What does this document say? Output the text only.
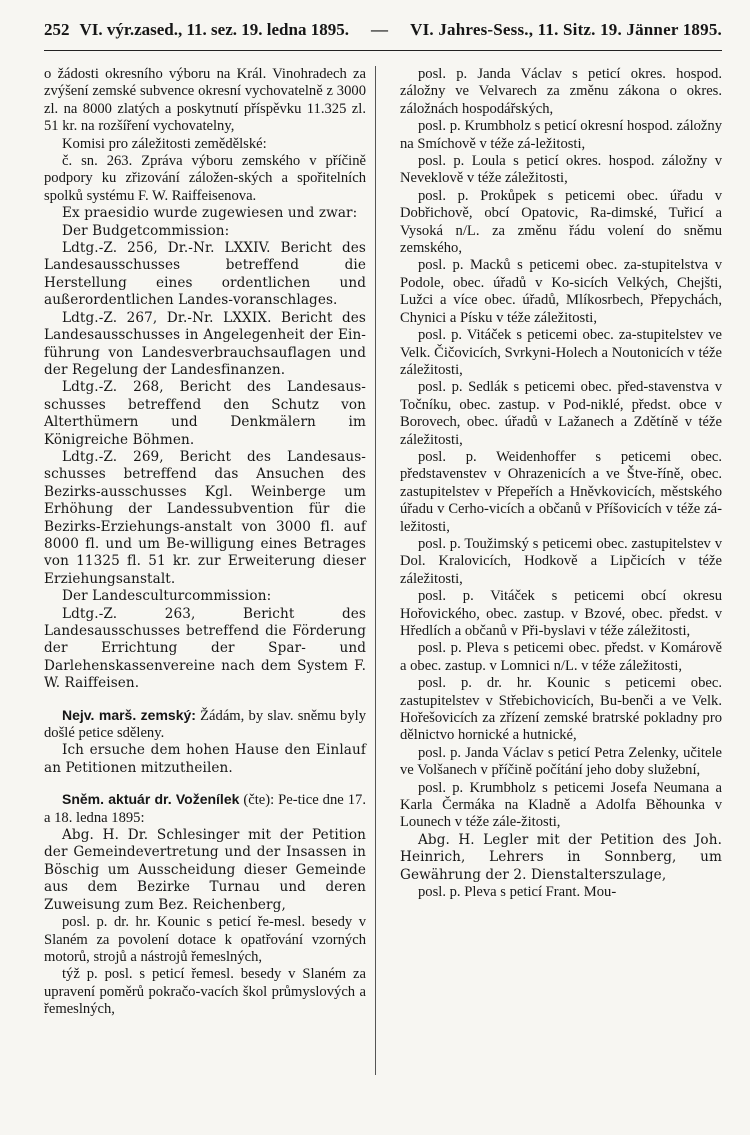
252 VI. výr.zased., 11. sez. 19. ledna 1895. — VI. Jahres-Sess., 11. Sitz. 19. Jänner 1895.

o žádosti okresního výboru na Král. Vinohradech za zvýšení zemské subvence okresní vychovatelně z 3000 zl. na 8000 zlatých a poskytnutí příspěvku 11.325 zl. 51 kr. na rozšíření vychovatelny,

Komisi pro záležitosti zemědělské:

č. sn. 263. Zpráva výboru zemského v příčině podpory ku zřizování záložen-ských a spořitelních spolků systému F. W. Raiffeisenova.

Ex praesidio wurde zugewiesen und zwar:

Der Budgetcommission:

Ldtg.-Z. 256, Dr.-Nr. LXXIV. Bericht des Landesausschusses betreffend die Herstellung eines ordentlichen und außerordentlichen Landes-voranschlages.

Ldtg.-Z. 267, Dr.-Nr. LXXIX. Bericht des Landesausschusses in Angelegenheit der Ein-führung von Landesverbrauchsauflagen und der Regelung der Landesfinanzen.

Ldtg.-Z. 268, Bericht des Landesaus-schusses betreffend den Schutz von Alterthümern und Denkmälern im Königreiche Böhmen.

Ldtg.-Z. 269, Bericht des Landesaus-schusses betreffend das Ansuchen des Bezirks-ausschusses Kgl. Weinberge um Erhöhung der Landessubvention für die Bezirks-Erziehungs-anstalt von 3000 fl. auf 8000 fl. und um Be-willigung eines Betrages von 11325 fl. 51 kr. zur Erweiterung dieser Erziehungsanstalt.

Der Landesculturcommission:

Ldtg.-Z. 263, Bericht des Landesausschusses betreffend die Förderung der Errichtung der Spar- und Darlehenskassenvereine nach dem System F. W. Raiffeisen.

Nejv. marš. zemský: Žádám, by slav. sněmu byly došlé petice sděleny.

Ich ersuche dem hohen Hause den Einlauf an Petitionen mitzutheilen.

Sněm. aktuár dr. Voženílek (čte): Pe-tice dne 17. a 18. ledna 1895:

Abg. H. Dr. Schlesinger mit der Petition der Gemeindevertretung und der Insassen in Böschig um Ausscheidung dieser Gemeinde aus dem Bezirke Turnau und deren Zuweisung zum Bez. Reichenberg,

posl. p. dr. hr. Kounic s peticí ře-mesl. besedy v Slaném za povolení dotace k opatřování vzorných motorů, strojů a nástrojů řemeslných,

týž p. posl. s peticí řemesl. besedy v Slaném za upravení poměrů pokračo-vacích škol průmyslových a řemeslných,

posl. p. Janda Václav s peticí okres. hospod. záložny ve Velvarech za změnu zákona o okres. záložnách hospodářských,

posl. p. Krumbholz s peticí okresní hospod. záložny na Smíchově v téže zá-ležitosti,

posl. p. Loula s peticí okres. hospod. záložny v Neveklově v téže záležitosti,

posl. p. Prokůpek s peticemi obec. úřadu v Dobřichově, obcí Opatovic, Ra-dimské, Tuřicí a Vysoká n/L. za změnu řádu volení do sněmu zemského,

posl. p. Macků s peticemi obec. za-stupitelstva v Podole, obec. úřadů v Ko-sicích Velkých, Chejšti, Lužci a více obec. úřadů, Mlíkosrbech, Přepychách, Chynici a Písku v téže záležitosti,

posl. p. Vitáček s peticemi obec. za-stupitelstev ve Velk. Čičovicích, Svrkyni-Holech a Noutonicích v téže záležitosti,

posl. p. Sedlák s peticemi obec. před-stavenstva v Točníku, obec. zastup. v Pod-niklé, předst. obce v Borovech, obec. úřadů v Lažanech a Zdětíně v téže záležitosti,

posl. p. Weidenhoffer s peticemi obec. představenstev v Ohrazenicích a ve Štve-říně, obec. zastupitelstev v Přepeřích a Hněvkovicích, městského úřadu v Cerho-vicích a občanů v Příšovicích v téže zá-ležitosti,

posl. p. Toužimský s peticemi obec. zastupitelstev v Dol. Kralovicích, Hodkově a Lipčicích v téže záležitosti,

posl. p. Vitáček s peticemi obcí okresu Hořovického, obec. zastup. v Bzové, obec. předst. v Hředlích a občanů v Při-byslavi v téže záležitosti,

posl. p. Pleva s peticemi obec. předst. v Komárově a obec. zastup. v Lomnici n/L. v téže záležitosti,

posl. p. dr. hr. Kounic s peticemi obec. zastupitelstev v Střebichovicích, Bu-benči a ve Velk. Hořešovicích za zřízení zemské bratrské pokladny pro dělnictvo hornické a hutnické,

posl. p. Janda Václav s peticí Petra Zelenky, učitele ve Volšanech v příčině počítání jeho doby služební,

posl. p. Krumbholz s peticemi Josefa Neumana a Karla Čermáka na Kladně a Adolfa Běhounka v Lounech v téže zále-žitosti,

Abg. H. Legler mit der Petition des Joh. Heinrich, Lehrers in Sonnberg, um Gewährung der 2. Dienstalterszulage,

posl. p. Pleva s peticí Frant. Mou-
